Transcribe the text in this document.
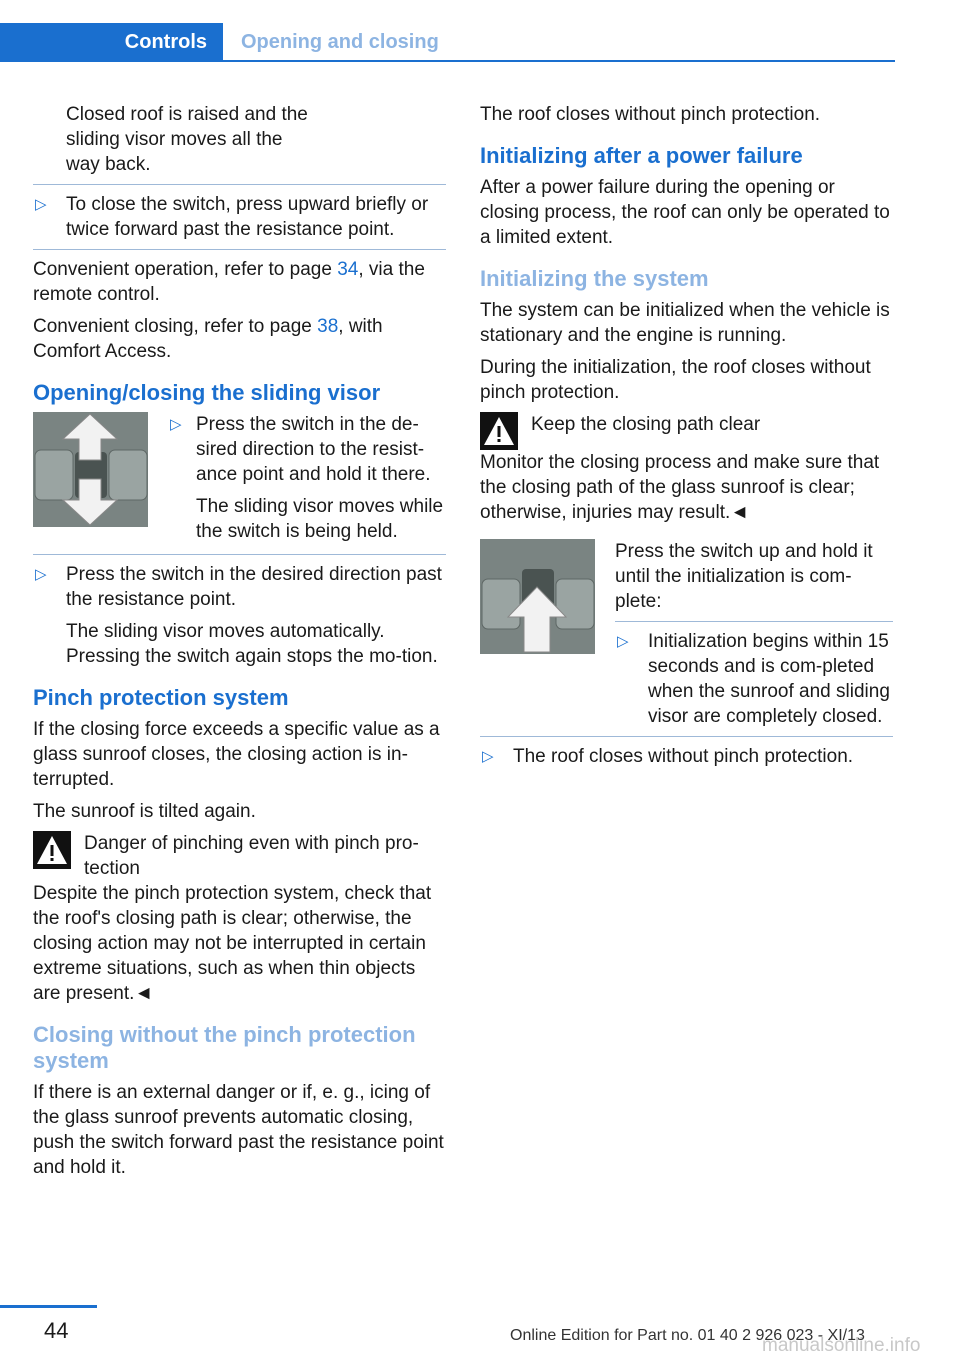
Controls	Opening and closing
Closed roof is raised and the
sliding visor moves all the
way back.
▷ To close the switch, press upward briefly or twice forward past the resistance point.

Convenient operation, refer to page 34, via the remote control.

Convenient closing, refer to page 38, with Comfort Access.

Opening/closing the sliding visor
▷ Press the switch in the de-sired direction to the resist-ance point and hold it there.

The sliding visor moves while the switch is being held.

▷ Press the switch in the desired direction past the resistance point.

The sliding visor moves automatically. Pressing the switch again stops the mo-tion.

Pinch protection system

If the closing force exceeds a specific value as a glass sunroof closes, the closing action is in-terrupted.

The sunroof is tilted again.

Danger of pinching even with pinch pro-tection

Despite the pinch protection system, check that the roof's closing path is clear; otherwise, the closing action may not be interrupted in certain extreme situations, such as when thin objects are present.◄

Closing without the pinch protection system

If there is an external danger or if, e. g., icing of the glass sunroof prevents automatic closing, push the switch forward past the resistance point and hold it.

The roof closes without pinch protection.

Initializing after a power failure

After a power failure during the opening or closing process, the roof can only be operated to a limited extent.

Initializing the system

The system can be initialized when the vehicle is stationary and the engine is running.

During the initialization, the roof closes without pinch protection.

Keep the closing path clear

Monitor the closing process and make sure that the closing path of the glass sunroof is clear; otherwise, injuries may result.◄

Press the switch up and hold it until the initialization is com-plete:

▷ Initialization begins within 15 seconds and is com-pleted when the sunroof and sliding visor are completely closed.
▷ The roof closes without pinch protection.
44	Online Edition for Part no. 01 40 2 926 023 - XI/13
manualsonline.info
